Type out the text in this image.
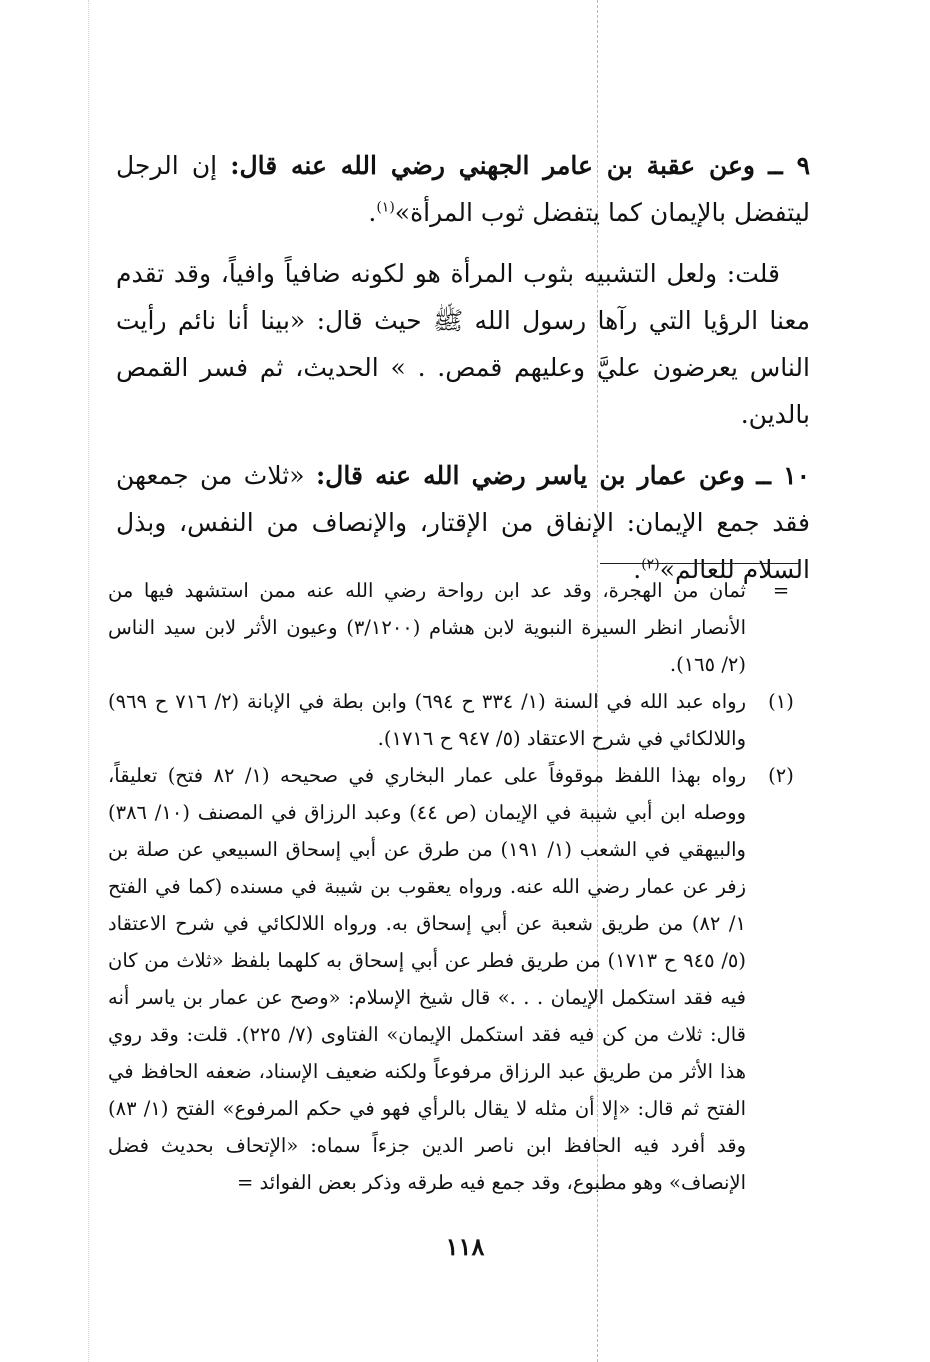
٩ ــ وعن عقبة بن عامر الجهني رضي الله عنه قال: إن الرجل ليتفضل بالإيمان كما يتفضل ثوب المرأة»$^{(١)}$.

قلت: ولعل التشبيه بثوب المرأة هو لكونه ضافياً وافياً، وقد تقدم معنا الرؤيا التي رآها رسول الله ﷺ حيث قال: «بينا أنا نائم رأيت الناس يعرضون عليَّ وعليهم قمص. . » الحديث، ثم فسر القمص بالدين.

١٠ ــ وعن عمار بن ياسر رضي الله عنه قال: «ثلاث من جمعهن فقد جمع الإيمان: الإنفاق من الإقتار، والإنصاف من النفس، وبذل السلام للعالم»$^{(٢)}$.

=
ثمان من الهجرة، وقد عد ابن رواحة رضي الله عنه ممن استشهد فيها من الأنصار انظر السيرة النبوية لابن هشام (٣/١٢٠٠) وعيون الأثر لابن سيد الناس (٢/ ١٦٥).

(١)
رواه عبد الله في السنة (١/ ٣٣٤ ح ٦٩٤) وابن بطة في الإبانة (٢/ ٧١٦ ح ٩٦٩) واللالكائي في شرح الاعتقاد (٥/ ٩٤٧ ح ١٧١٦).

(٢)
رواه بهذا اللفظ موقوفاً على عمار البخاري في صحيحه (١/ ٨٢ فتح) تعليقاً، ووصله ابن أبي شيبة في الإيمان (ص ٤٤) وعبد الرزاق في المصنف (١٠/ ٣٨٦) والبيهقي في الشعب (١/ ١٩١) من طرق عن أبي إسحاق السبيعي عن صلة بن زفر عن عمار رضي الله عنه. ورواه يعقوب بن شيبة في مسنده (كما في الفتح ١/ ٨٢) من طريق شعبة عن أبي إسحاق به. ورواه اللالكائي في شرح الاعتقاد (٥/ ٩٤٥ ح ١٧١٣) من طريق فطر عن أبي إسحاق به كلهما بلفظ «ثلاث من كان فيه فقد استكمل الإيمان . . .» قال شيخ الإسلام: «وصح عن عمار بن ياسر أنه قال: ثلاث من كن فيه فقد استكمل الإيمان» الفتاوى (٧/ ٢٢٥). قلت: وقد روي هذا الأثر من طريق عبد الرزاق مرفوعاً ولكنه ضعيف الإسناد، ضعفه الحافظ في الفتح ثم قال: «إلا أن مثله لا يقال بالرأي فهو في حكم المرفوع» الفتح (١/ ٨٣) وقد أفرد فيه الحافظ ابن ناصر الدين جزءاً سماه: «الإتحاف بحديث فضل الإنصاف» وهو مطبوع، وقد جمع فيه طرقه وذكر بعض الفوائد =

١١٨
